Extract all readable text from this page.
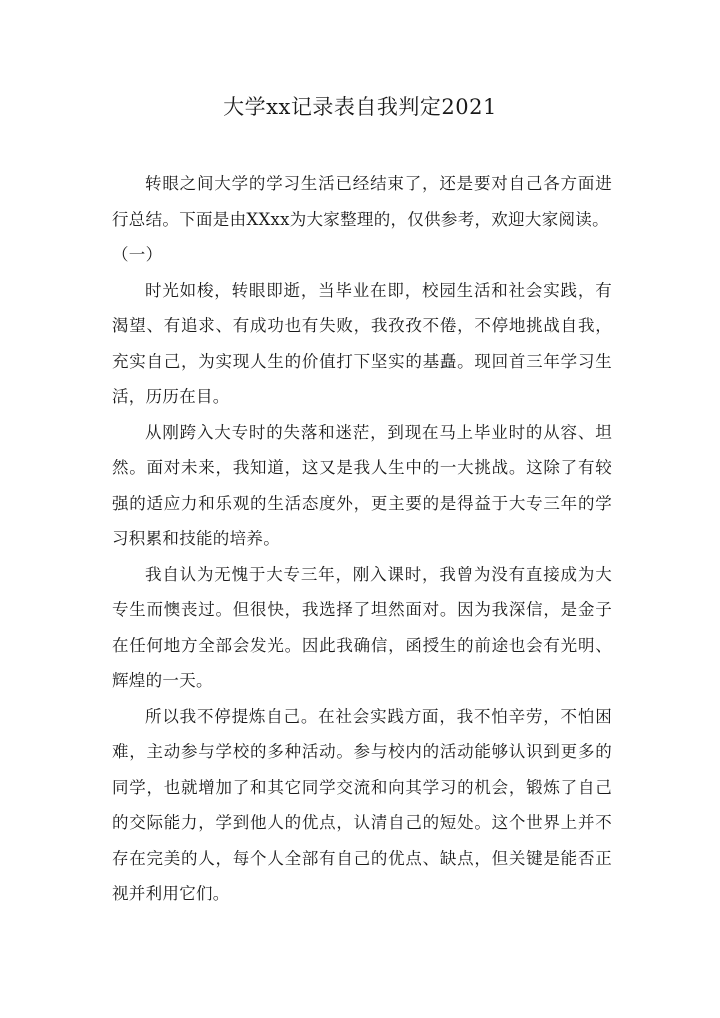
大学xx记录表自我判定2021

转眼之间大学的学习生活已经结束了，还是要对自己各方面进行总结。下面是由XXxx为大家整理的，仅供参考，欢迎大家阅读。

（一）

时光如梭，转眼即逝，当毕业在即，校园生活和社会实践，有渴望、有追求、有成功也有失败，我孜孜不倦，不停地挑战自我，充实自己，为实现人生的价值打下坚实的基矗。现回首三年学习生活，历历在目。

从刚跨入大专时的失落和迷茫，到现在马上毕业时的从容、坦然。面对未来，我知道，这又是我人生中的一大挑战。这除了有较强的适应力和乐观的生活态度外，更主要的是得益于大专三年的学习积累和技能的培养。

我自认为无愧于大专三年，刚入课时，我曾为没有直接成为大专生而懊丧过。但很快，我选择了坦然面对。因为我深信，是金子在任何地方全部会发光。因此我确信，函授生的前途也会有光明、辉煌的一天。

所以我不停提炼自己。在社会实践方面，我不怕辛劳，不怕困难，主动参与学校的多种活动。参与校内的活动能够认识到更多的同学，也就增加了和其它同学交流和向其学习的机会，锻炼了自己的交际能力，学到他人的优点，认清自己的短处。这个世界上并不存在完美的人，每个人全部有自己的优点、缺点，但关键是能否正视并利用它们。
